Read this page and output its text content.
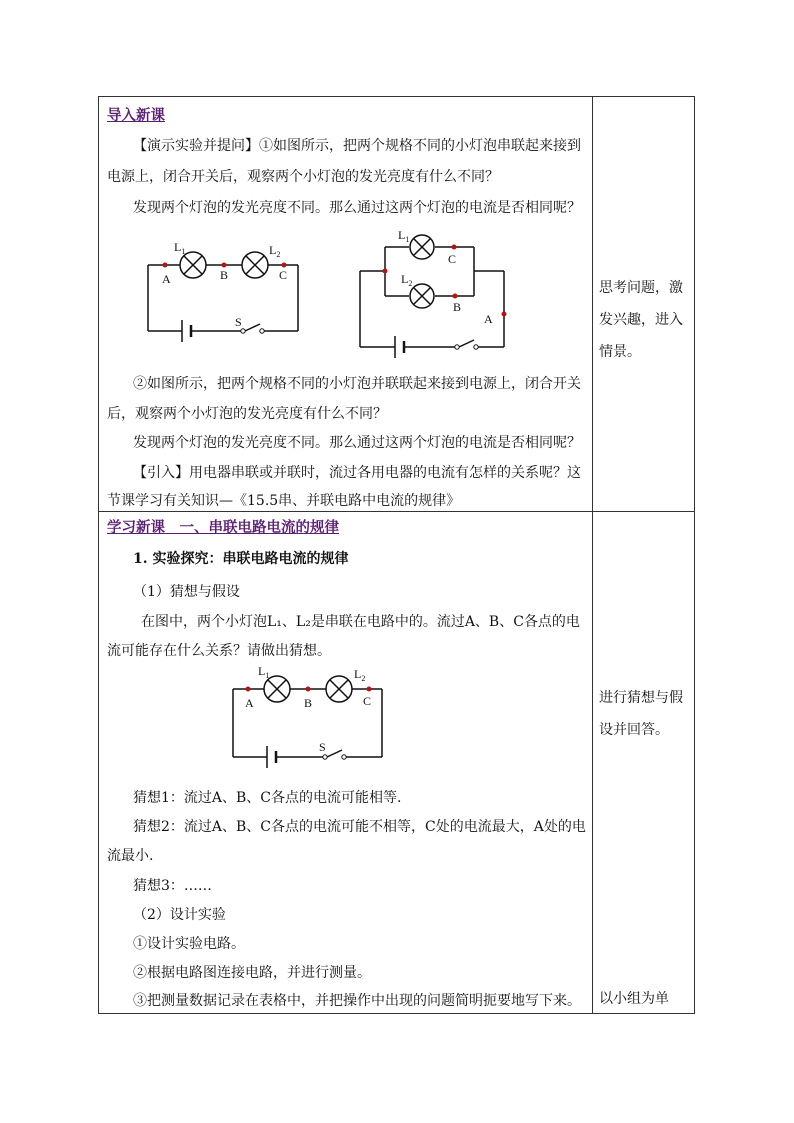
导入新课
【演示实验并提问】①如图所示，把两个规格不同的小灯泡串联起来接到
电源上，闭合开关后，观察两个小灯泡的发光亮度有什么不同？
发现两个灯泡的发光亮度不同。那么通过这两个灯泡的电流是否相同呢？
$L_1$	$L_2$
A	B	C
S
$L_1$
$L_2$
C
B
A
②如图所示，把两个规格不同的小灯泡并联联起来接到电源上，闭合开关
后，观察两个小灯泡的发光亮度有什么不同？
发现两个灯泡的发光亮度不同。那么通过这两个灯泡的电流是否相同呢？
【引入】用电器串联或并联时，流过各用电器的电流有怎样的关系呢？这
节课学习有关知识—《15.5串、并联电路中电流的规律》
思考问题，激
发兴趣，进入
情景。
学习新课　一、串联电路电流的规律
1. 实验探究：串联电路电流的规律
（1）猜想与假设
在图中，两个小灯泡L₁、L₂是串联在电路中的。流过A、B、C各点的电
流可能存在什么关系？请做出猜想。
$L_1$	$L_2$
A	B	C
S
猜想1：流过A、B、C各点的电流可能相等.
猜想2：流过A、B、C各点的电流可能不相等，C处的电流最大，A处的电
流最小.
猜想3：……
（2）设计实验
①设计实验电路。
②根据电路图连接电路，并进行测量。
③把测量数据记录在表格中，并把操作中出现的问题简明扼要地写下来。
进行猜想与假
设并回答。
以小组为单
